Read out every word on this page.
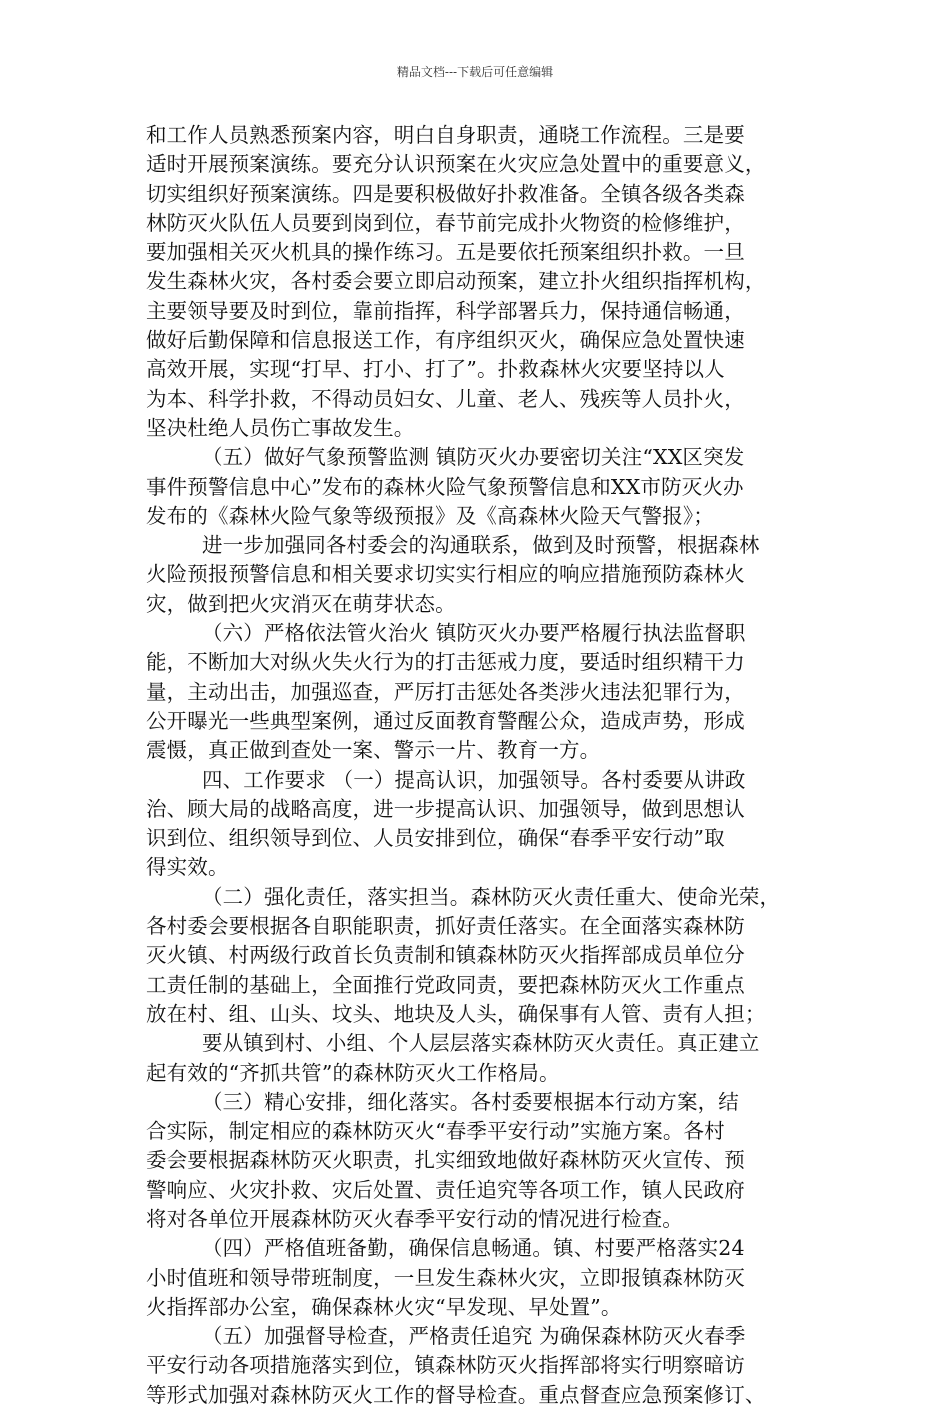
精品文档---下载后可任意编辑
和工作人员熟悉预案内容，明白自身职责，通晓工作流程。三是要
适时开展预案演练。要充分认识预案在火灾应急处置中的重要意义，
切实组织好预案演练。四是要积极做好扑救准备。全镇各级各类森
林防灭火队伍人员要到岗到位，春节前完成扑火物资的检修维护，
要加强相关灭火机具的操作练习。五是要依托预案组织扑救。一旦
发生森林火灾，各村委会要立即启动预案，建立扑火组织指挥机构，
主要领导要及时到位，靠前指挥，科学部署兵力，保持通信畅通，
做好后勤保障和信息报送工作，有序组织灭火，确保应急处置快速
高效开展，实现“打早、打小、打了”。扑救森林火灾要坚持以人
为本、科学扑救，不得动员妇女、儿童、老人、残疾等人员扑火，
坚决杜绝人员伤亡事故发生。
（五）做好气象预警监测 镇防灭火办要密切关注“XX区突发
事件预警信息中心”发布的森林火险气象预警信息和XX市防灭火办
发布的《森林火险气象等级预报》及《高森林火险天气警报》；
进一步加强同各村委会的沟通联系，做到及时预警，根据森林
火险预报预警信息和相关要求切实实行相应的响应措施预防森林火
灾，做到把火灾消灭在萌芽状态。
（六）严格依法管火治火 镇防灭火办要严格履行执法监督职
能，不断加大对纵火失火行为的打击惩戒力度，要适时组织精干力
量，主动出击，加强巡查，严厉打击惩处各类涉火违法犯罪行为，
公开曝光一些典型案例，通过反面教育警醒公众，造成声势，形成
震慑，真正做到查处一案、警示一片、教育一方。
四、工作要求 （一）提高认识，加强领导。各村委要从讲政
治、顾大局的战略高度，进一步提高认识、加强领导，做到思想认
识到位、组织领导到位、人员安排到位，确保“春季平安行动”取
得实效。
（二）强化责任，落实担当。森林防灭火责任重大、使命光荣，
各村委会要根据各自职能职责，抓好责任落实。在全面落实森林防
灭火镇、村两级行政首长负责制和镇森林防灭火指挥部成员单位分
工责任制的基础上，全面推行党政同责，要把森林防灭火工作重点
放在村、组、山头、坟头、地块及人头，确保事有人管、责有人担；
要从镇到村、小组、个人层层落实森林防灭火责任。真正建立
起有效的“齐抓共管”的森林防灭火工作格局。
（三）精心安排，细化落实。各村委要根据本行动方案，结
合实际，制定相应的森林防灭火“春季平安行动”实施方案。各村
委会要根据森林防灭火职责，扎实细致地做好森林防灭火宣传、预
警响应、火灾扑救、灾后处置、责任追究等各项工作，镇人民政府
将对各单位开展森林防灭火春季平安行动的情况进行检查。
（四）严格值班备勤，确保信息畅通。镇、村要严格落实24
小时值班和领导带班制度，一旦发生森林火灾，立即报镇森林防灭
火指挥部办公室，确保森林火灾“早发现、早处置”。
（五）加强督导检查，严格责任追究 为确保森林防灭火春季
平安行动各项措施落实到位，镇森林防灭火指挥部将实行明察暗访
等形式加强对森林防灭火工作的督导检查。重点督查应急预案修订、
